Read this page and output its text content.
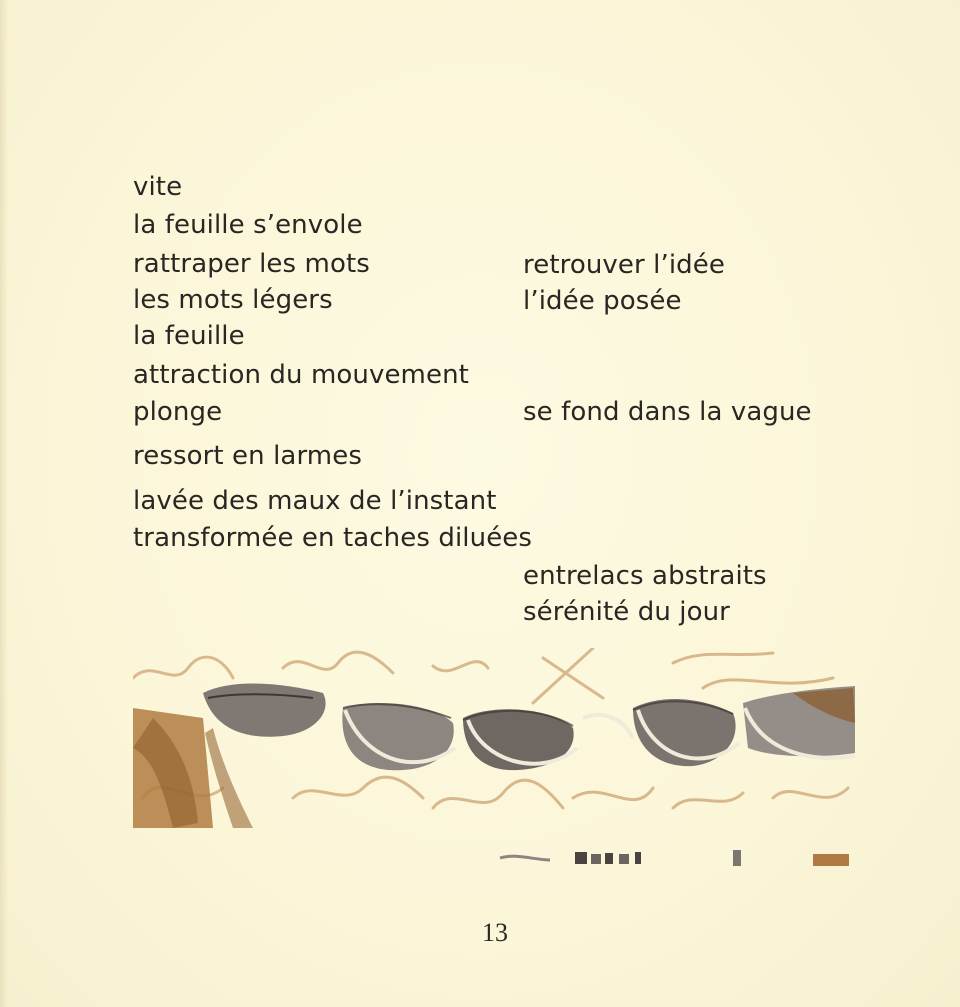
vite
la feuille s’envole
rattraper les mots
les mots légers
la feuille
attraction du mouvement
plonge
ressort en larmes
lavée des maux de l’instant
transformée en taches diluées
retrouver l’idée
l’idée posée
se fond dans la vague
entrelacs abstraits
sérénité du jour
13
